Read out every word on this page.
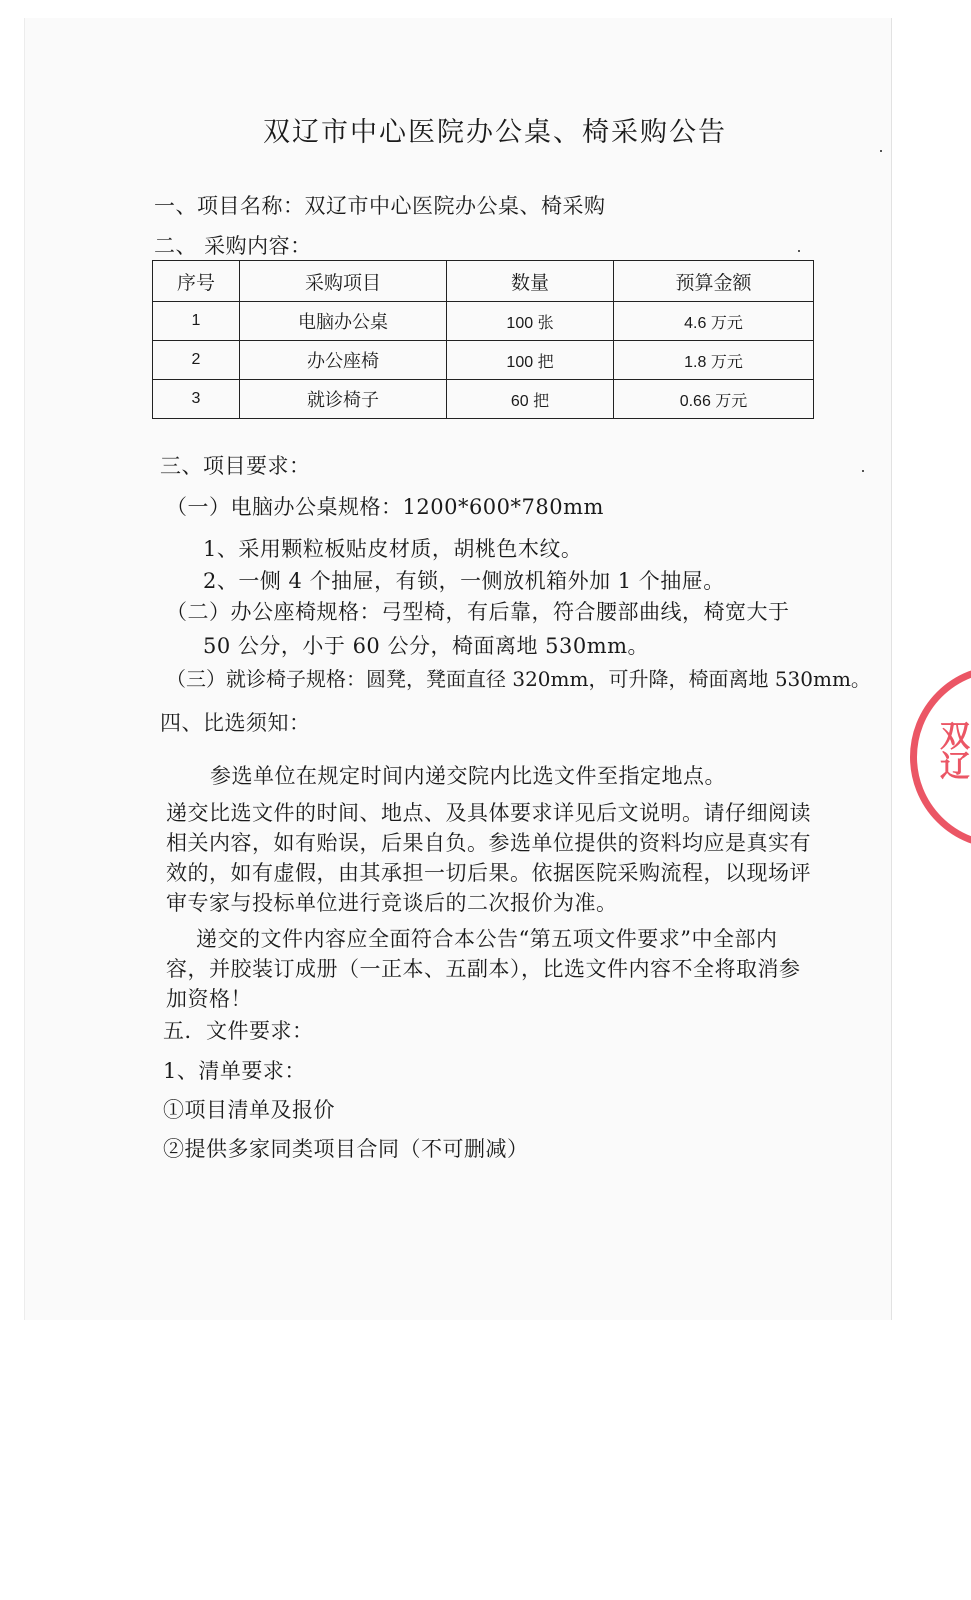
双辽市中心医院办公桌、椅采购公告
一、项目名称：双辽市中心医院办公桌、椅采购
二、 采购内容：
序号	采购项目	数量	预算金额
1	电脑办公桌	100 张	4.6 万元
2	办公座椅	100 把	1.8 万元
3	就诊椅子	60 把	0.66 万元
三、项目要求：
（一）电脑办公桌规格：1200*600*780mm
1、采用颗粒板贴皮材质，胡桃色木纹。
2、一侧 4 个抽屉，有锁，一侧放机箱外加 1 个抽屉。
（二）办公座椅规格：弓型椅，有后靠，符合腰部曲线，椅宽大于
50 公分，小于 60 公分，椅面离地 530mm。
（三）就诊椅子规格：圆凳，凳面直径 320mm，可升降，椅面离地 530mm。
四、比选须知：
参选单位在规定时间内递交院内比选文件至指定地点。
递交比选文件的时间、地点、及具体要求详见后文说明。请仔细阅读相关内容，如有贻误，后果自负。参选单位提供的资料均应是真实有效的，如有虚假，由其承担一切后果。依据医院采购流程，以现场评审专家与投标单位进行竞谈后的二次报价为准。
递交的文件内容应全面符合本公告“第五项文件要求”中全部内容，并胶装订成册（一正本、五副本），比选文件内容不全将取消参加资格！
五．文件要求：
1、清单要求：
①项目清单及报价
②提供多家同类项目合同（不可删减）
双辽
